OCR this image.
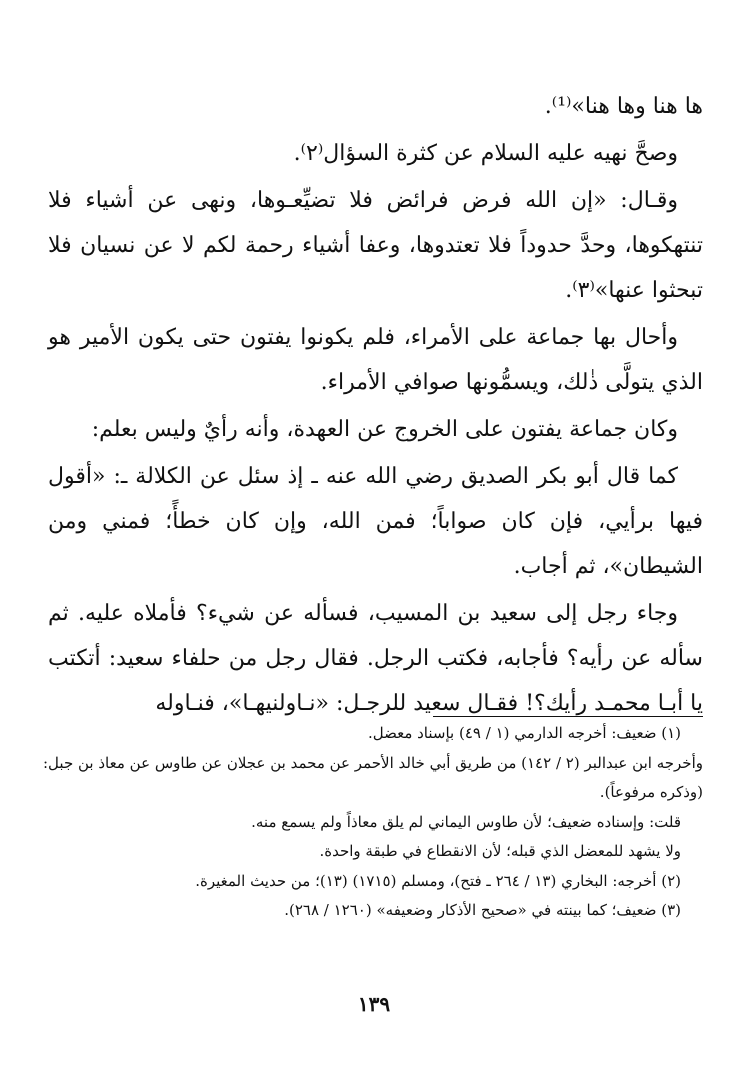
ها هنا وها هنا»⁽¹⁾.

وصحَّ نهيه عليه السلام عن كثرة السؤال⁽٢⁾.

وقـال: «إن الله فرض فرائض فلا تضيِّعـوها، ونهى عن أشياء فلا تنتهكوها، وحدَّ حدوداً فلا تعتدوها، وعفا أشياء رحمة لكم لا عن نسيان فلا تبحثوا عنها»⁽٣⁾.

وأحال بها جماعة على الأمراء، فلم يكونوا يفتون حتى يكون الأمير هو الذي يتولَّى ذٰلك، ويسمُّونها صوافي الأمراء.

وكان جماعة يفتون على الخروج عن العهدة، وأنه رأيٌ وليس بعلم:

كما قال أبو بكر الصديق رضي الله عنه ـ إذ سئل عن الكلالة ـ: «أقول فيها برأيي، فإن كان صواباً؛ فمن الله، وإن كان خطأً؛ فمني ومن الشيطان»، ثم أجاب.

وجاء رجل إلى سعيد بن المسيب، فسأله عن شيء؟ فأملاه عليه. ثم سأله عن رأيه؟ فأجابه، فكتب الرجل. فقال رجل من حلفاء سعيد: أتكتب يا أبـا محمـد رأيك؟! فقـال سعيد للرجـل: «نـاولنيهـا»، فنـاوله

(١) ضعيف: أخرجه الدارمي (١ / ٤٩) بإسناد معضل.

وأخرجه ابن عبدالبر (٢ / ١٤٢) من طريق أبي خالد الأحمر عن محمد بن عجلان عن طاوس عن معاذ بن جبل: (وذكره مرفوعاً).

قلت: وإسناده ضعيف؛ لأن طاوس اليماني لم يلق معاذاً ولم يسمع منه.

ولا يشهد للمعضل الذي قبله؛ لأن الانقطاع في طبقة واحدة.

(٢) أخرجه: البخاري (١٣ / ٢٦٤ ـ فتح)، ومسلم (١٧١٥) (١٣)؛ من حديث المغيرة.

(٣) ضعيف؛ كما بينته في «صحيح الأذكار وضعيفه» (١٢٦٠ / ٢٦٨).

١٣٩
